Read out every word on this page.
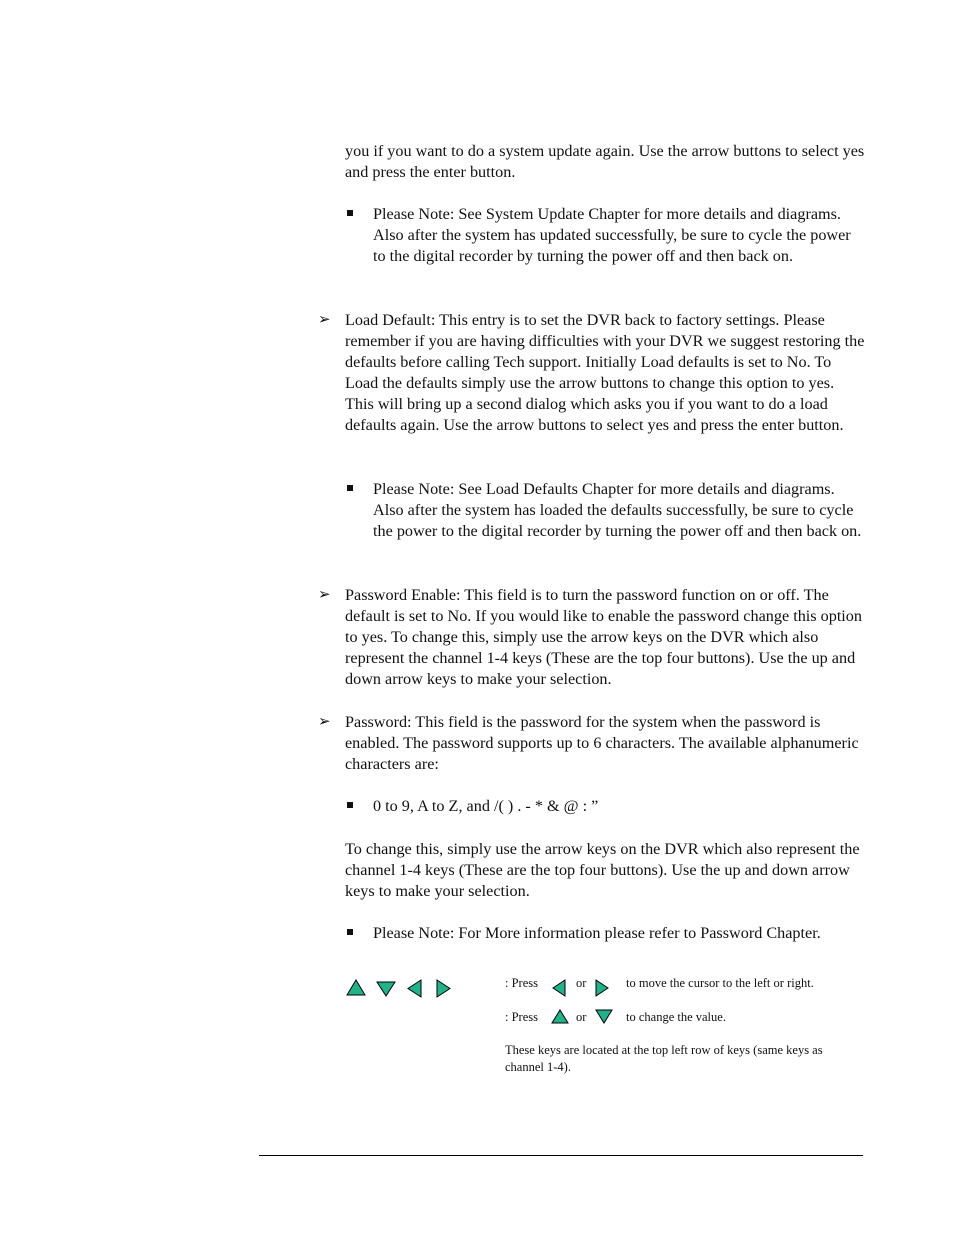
you if you want to do a system update again. Use the arrow buttons to select yes and press the enter button.

Please Note: See System Update Chapter for more details and diagrams. Also after the system has updated successfully, be sure to cycle the power to the digital recorder by turning the power off and then back on.

➢ Load Default: This entry is to set the DVR back to factory settings. Please remember if you are having difficulties with your DVR we suggest restoring the defaults before calling Tech support. Initially Load defaults is set to No. To Load the defaults simply use the arrow buttons to change this option to yes. This will bring up a second dialog which asks you if you want to do a load defaults again. Use the arrow buttons to select yes and press the enter button.

Please Note: See Load Defaults Chapter for more details and diagrams. Also after the system has loaded the defaults successfully, be sure to cycle the power to the digital recorder by turning the power off and then back on.

➢ Password Enable: This field is to turn the password function on or off. The default is set to No. If you would like to enable the password change this option to yes. To change this, simply use the arrow keys on the DVR which also represent the channel 1-4 keys (These are the top four buttons). Use the up and down arrow keys to make your selection.

➢ Password: This field is the password for the system when the password is enabled. The password supports up to 6 characters. The available alphanumeric characters are:

0 to 9, A to Z, and /( ) . - * & @ : ”

To change this, simply use the arrow keys on the DVR which also represent the channel 1-4 keys (These are the top four buttons). Use the up and down arrow keys to make your selection.

Please Note: For More information please refer to Password Chapter.

: Press	or	to move the cursor to the left or right.
: Press	or	to change the value.

These keys are located at the top left row of keys (same keys as channel 1-4).
